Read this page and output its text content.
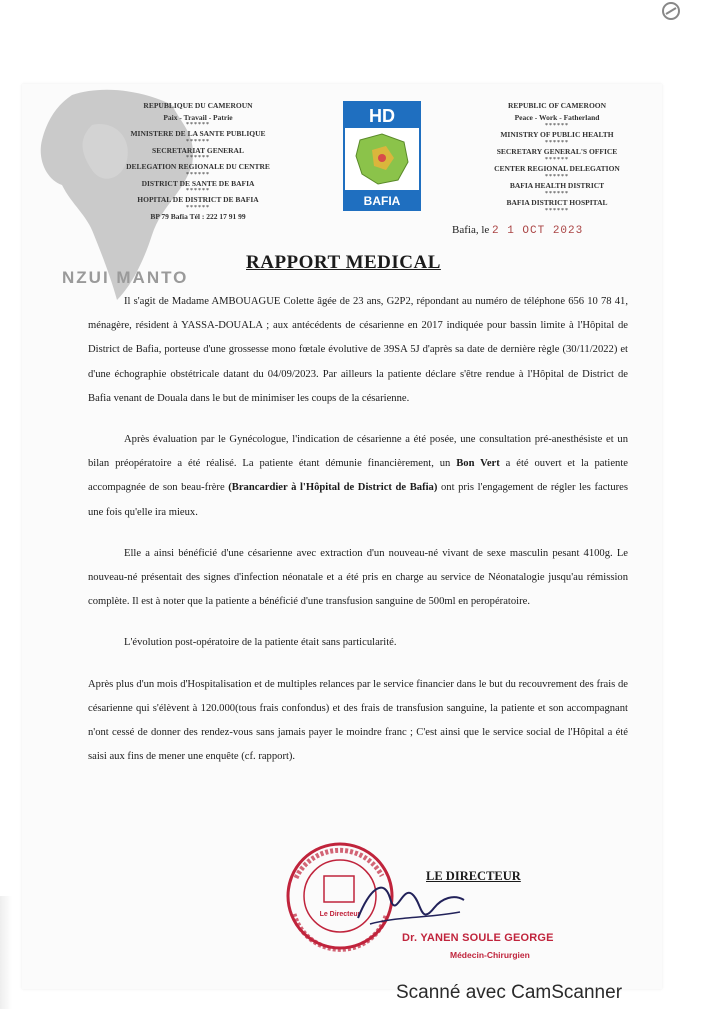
NZUI MANTO
REPUBLIQUE DU CAMEROUN
Paix - Travail - Patrie
******
MINISTERE DE LA SANTE PUBLIQUE
******
SECRETARIAT GENERAL
******
DELEGATION REGIONALE DU CENTRE
******
DISTRICT DE SANTE DE BAFIA
******
HOPITAL DE DISTRICT DE BAFIA
******
BP 79 Bafia Tél : 222 17 91 99
HD
BAFIA
REPUBLIC OF CAMEROON
Peace - Work - Fatherland
******
MINISTRY OF PUBLIC HEALTH
******
SECRETARY GENERAL'S OFFICE
******
CENTER REGIONAL DELEGATION
******
BAFIA HEALTH DISTRICT
******
BAFIA DISTRICT HOSPITAL
******
Bafia, le 2 1 OCT 2023
RAPPORT MEDICAL

Il s'agit de Madame AMBOUAGUE Colette âgée de 23 ans, G2P2, répondant au numéro de téléphone 656 10 78 41, ménagère, résident à YASSA-DOUALA ; aux antécédents de césarienne en 2017 indiquée pour bassin limite à l'Hôpital de District de Bafia, porteuse d'une grossesse mono fœtale évolutive de 39SA 5J d'après sa date de dernière règle (30/11/2022) et d'une échographie obstétricale datant du 04/09/2023. Par ailleurs la patiente déclare s'être rendue à l'Hôpital de District de Bafia venant de Douala dans le but de minimiser les coups de la césarienne.

Après évaluation par le Gynécologue, l'indication de césarienne a été posée, une consultation pré-anesthésiste et un bilan préopératoire a été réalisé. La patiente étant démunie financièrement, un Bon Vert a été ouvert et la patiente accompagnée de son beau-frère (Brancardier à l'Hôpital de District de Bafia) ont pris l'engagement de régler les factures une fois qu'elle ira mieux.

Elle a ainsi bénéficié d'une césarienne avec extraction d'un nouveau-né vivant de sexe masculin pesant 4100g. Le nouveau-né présentait des signes d'infection néonatale et a été pris en charge au service de Néonatalogie jusqu'au rémission complète. Il est à noter que la patiente a bénéficié d'une transfusion sanguine de 500ml en peropératoire.

L'évolution post-opératoire de la patiente était sans particularité.

Après plus d'un mois d'Hospitalisation et de multiples relances par le service financier dans le but du recouvrement des frais de césarienne qui s'élèvent à 120.000(tous frais confondus) et des frais de transfusion sanguine, la patiente et son accompagnant n'ont cessé de donner des rendez-vous sans jamais payer le moindre franc ; C'est ainsi que le service social de l'Hôpital a été saisi aux fins de mener une enquête (cf. rapport).

Le Directeur
LE DIRECTEUR
Dr. YANEN SOULE GEORGE
Médecin-Chirurgien
Scanné avec CamScanner
